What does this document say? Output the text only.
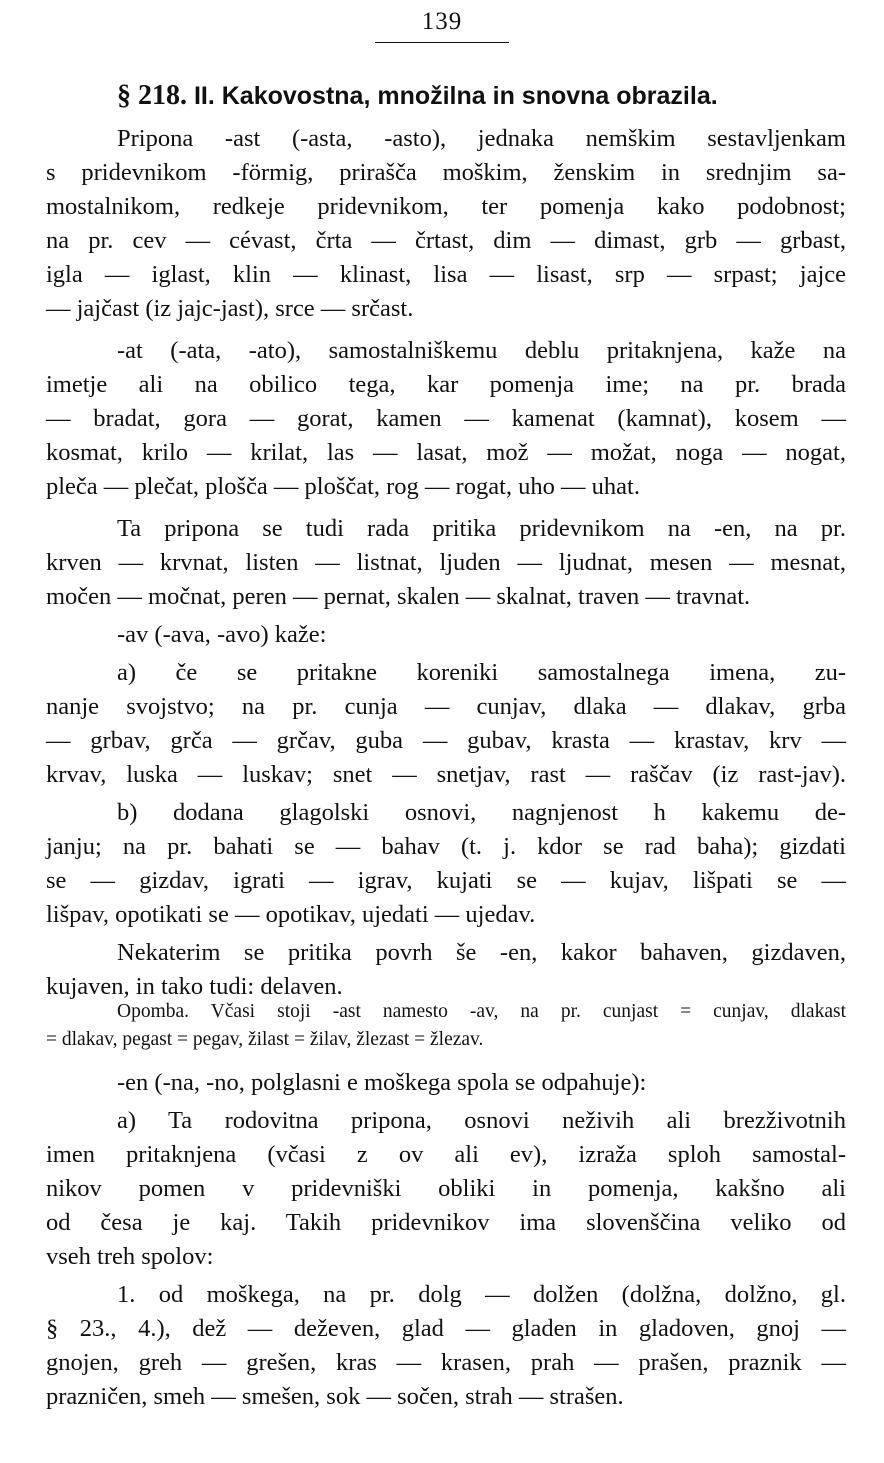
139
§ 218. II. Kakovostna, množilna in snovna obrazila.
Pripona -ast (-asta, -asto), jednaka nemškim sestavljenkam
s pridevnikom -förmig, prirašča moškim, ženskim in srednjim sa-
mostalnikom, redkeje pridevnikom, ter pomenja kako podobnost;
na pr. cev — cévast, črta — črtast, dim — dimast, grb — grbast,
igla — iglast, klin — klinast, lisa — lisast, srp — srpast; jajce
— jajčast (iz jajc-jast), srce — srčast.
-at (-ata, -ato), samostalniškemu deblu pritaknjena, kaže na
imetje ali na obilico tega, kar pomenja ime; na pr. brada
— bradat, gora — gorat, kamen — kamenat (kamnat), kosem —
kosmat, krilo — krilat, las — lasat, mož — možat, noga — nogat,
pleča — plečat, plošča — ploščat, rog — rogat, uho — uhat.
Ta pripona se tudi rada pritika pridevnikom na -en, na pr.
krven — krvnat, listen — listnat, ljuden — ljudnat, mesen — mesnat,
močen — močnat, peren — pernat, skalen — skalnat, traven — travnat.
-av (-ava, -avo) kaže:
a) če se pritakne koreniki samostalnega imena, zu-
nanje svojstvo; na pr. cunja — cunjav, dlaka — dlakav, grba
— grbav, grča — grčav, guba — gubav, krasta — krastav, krv —
krvav, luska — luskav; snet — snetjav, rast — raščav (iz rast-jav).
b) dodana glagolski osnovi, nagnjenost h kakemu de-
janju; na pr. bahati se — bahav (t. j. kdor se rad baha); gizdati
se — gizdav, igrati — igrav, kujati se — kujav, lišpati se —
lišpav, opotikati se — opotikav, ujedati — ujedav.
Nekaterim se pritika povrh še -en, kakor bahaven, gizdaven,
kujaven, in tako tudi: delaven.
-en (-na, -no, polglasni e moškega spola se odpahuje):
a) Ta rodovitna pripona, osnovi neživih ali brezživotnih
imen pritaknjena (včasi z ov ali ev), izraža sploh samostal-
nikov pomen v pridevniški obliki in pomenja, kakšno ali
od česa je kaj. Takih pridevnikov ima slovenščina veliko od
vseh treh spolov:
1. od moškega, na pr. dolg — dolžen (dolžna, dolžno, gl.
§ 23., 4.), dež — deževen, glad — gladen in gladoven, gnoj —
gnojen, greh — grešen, kras — krasen, prah — prašen, praznik —
prazničen, smeh — smešen, sok — sočen, strah — strašen.
Opomba. Včasi stoji -ast namesto -av, na pr. cunjast = cunjav, dlakast
= dlakav, pegast = pegav, žilast = žilav, žlezast = žlezav.
